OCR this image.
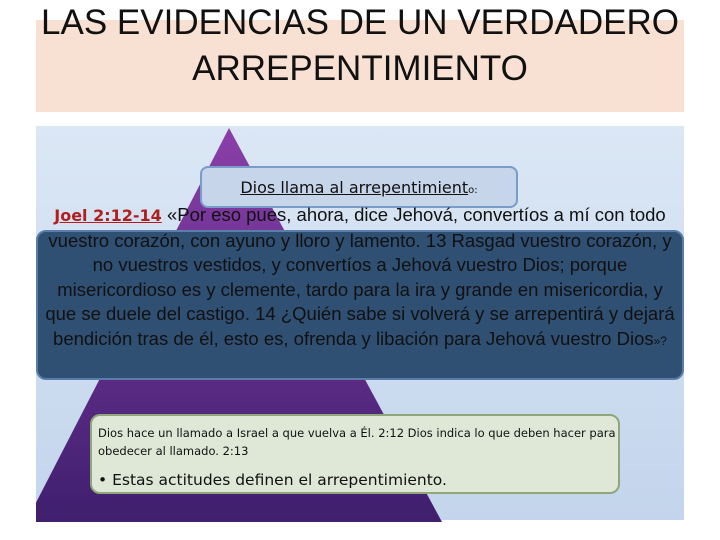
LAS EVIDENCIAS DE UN VERDADERO ARREPENTIMIENTO
Dios llama al arrepentimiento:
Joel 2:12-14 «Por eso pues, ahora, dice Jehová, convertíos a mí con todo vuestro corazón, con ayuno y lloro y lamento. 13 Rasgad vuestro corazón, y no vuestros vestidos, y convertíos a Jehová vuestro Dios; porque misericordioso es y clemente, tardo para la ira y grande en misericordia, y que se duele del castigo. 14 ¿Quién sabe si volverá y se arrepentirá y dejará bendición tras de él, esto es, ofrenda y libación para Jehová vuestro Dios»?
Dios hace un llamado a Israel a que vuelva a Él. 2:12 Dios indica lo que deben hacer para obedecer al llamado. 2:13
• Estas actitudes definen el arrepentimiento.
